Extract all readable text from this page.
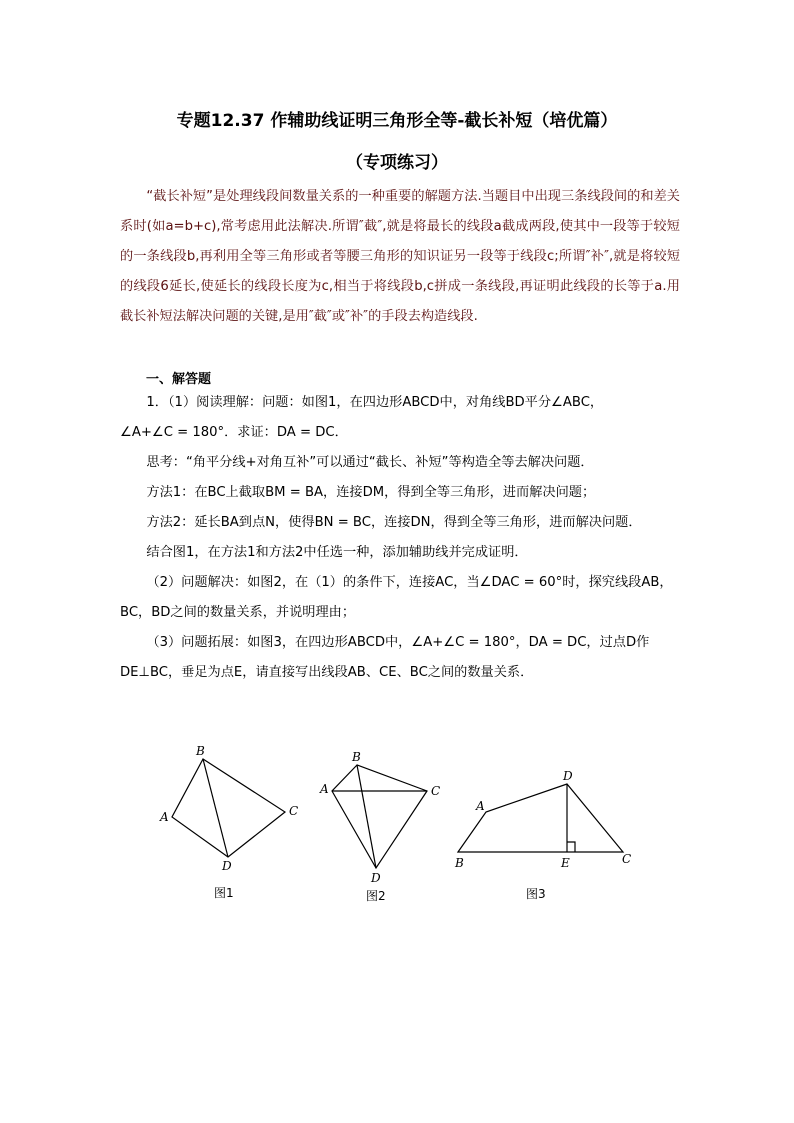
专题12.37 作辅助线证明三角形全等-截长补短（培优篇）
（专项练习）

“截长补短”是处理线段间数量关系的一种重要的解题方法.当题目中出现三条线段间的和差关系时(如a=b+c),常考虑用此法解决.所谓″截″,就是将最长的线段a截成两段,使其中一段等于较短的一条线段b,再利用全等三角形或者等腰三角形的知识证另一段等于线段c;所谓″补″,就是将较短的线段6延长,使延长的线段长度为c,相当于将线段b,c拼成一条线段,再证明此线段的长等于a.用截长补短法解决问题的关键,是用″截″或″补″的手段去构造线段.

一、解答题

1．（1）阅读理解：问题：如图1，在四边形ABCD中，对角线BD平分∠ABC，

∠A+∠C = 180°．求证：DA = DC．

思考：“角平分线+对角互补”可以通过“截长、补短”等构造全等去解决问题．

方法1：在BC上截取BM = BA，连接DM，得到全等三角形，进而解决问题；

方法2：延长BA到点N，使得BN = BC，连接DN，得到全等三角形，进而解决问题．

结合图1，在方法1和方法2中任选一种，添加辅助线并完成证明．

（2）问题解决：如图2，在（1）的条件下，连接AC，当∠DAC = 60°时，探究线段AB，BC，BD之间的数量关系，并说明理由；

（3）问题拓展：如图3，在四边形ABCD中，∠A+∠C = 180°，DA = DC，过点D作DE⊥BC，垂足为点E，请直接写出线段AB、CE、BC之间的数量关系．

B
A	C
D
图1
B
A	C
D
图2
D
A
B	E	C
图3
